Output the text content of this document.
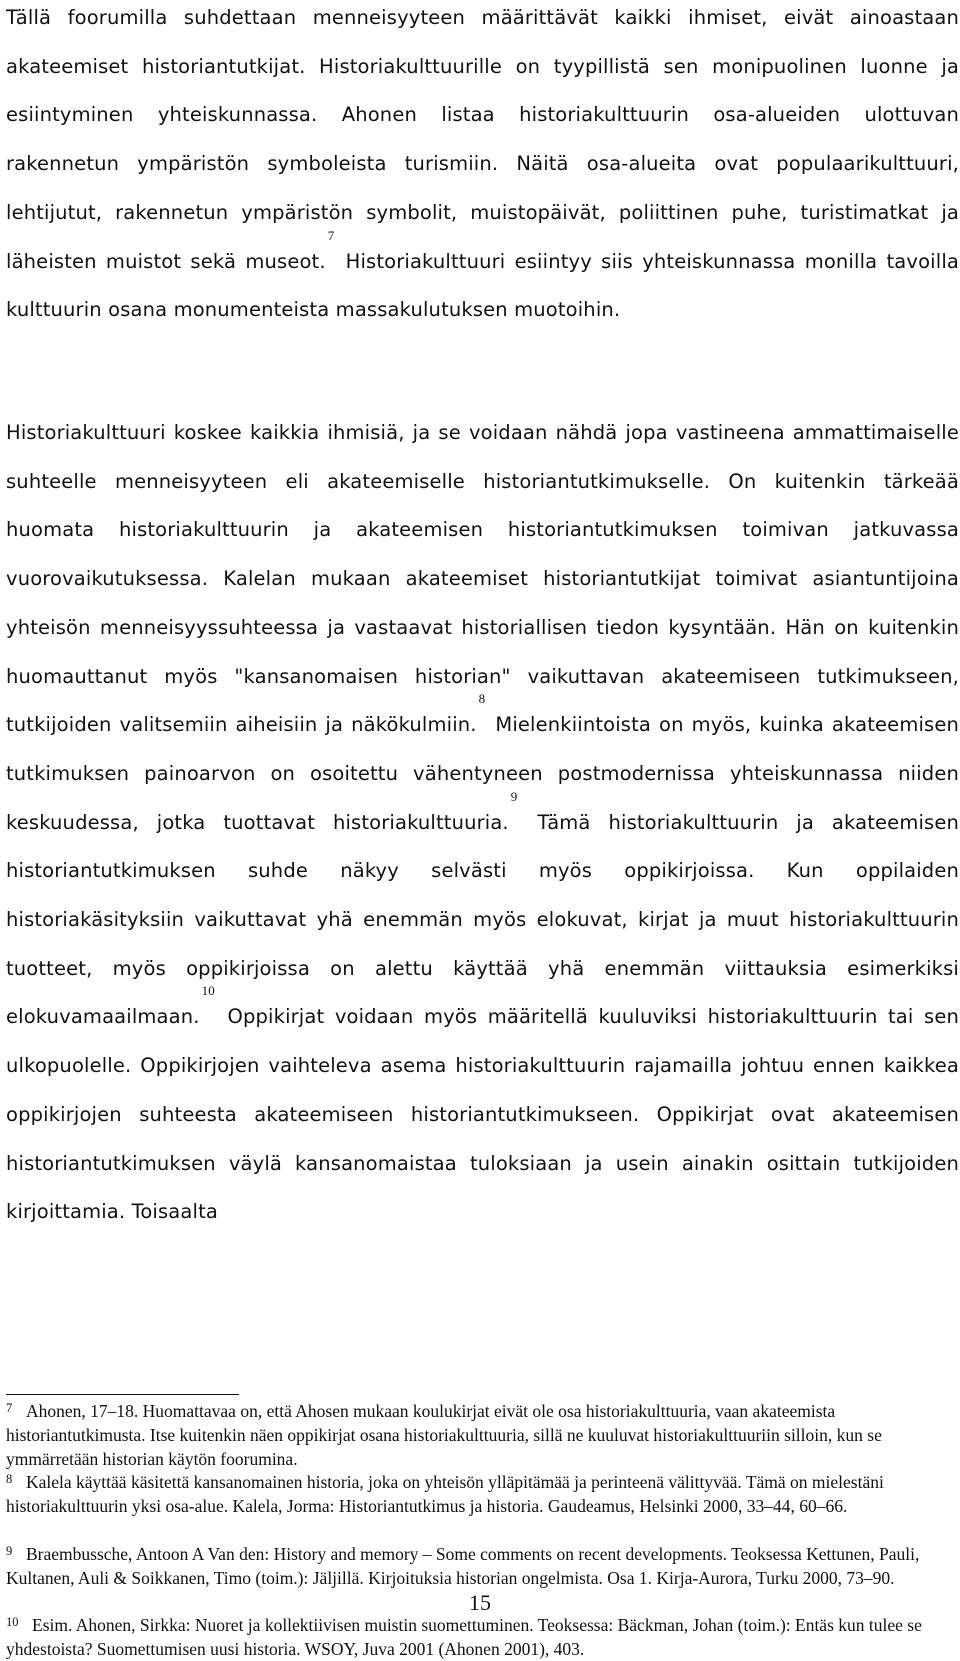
Tällä foorumilla suhdettaan menneisyyteen määrittävät kaikki ihmiset, eivät ainoastaan akateemiset historiantutkijat. Historiakulttuurille on tyypillistä sen monipuolinen luonne ja esiintyminen yhteiskunnassa. Ahonen listaa historiakulttuurin osa-alueiden ulottuvan rakennetun ympäristön symboleista turismiin. Näitä osa-alueita ovat populaarikulttuuri, lehtijutut, rakennetun ympäristön symbolit, muistopäivät, poliittinen puhe, turistimatkat ja läheisten muistot sekä museot.$^7$ Historiakulttuuri esiintyy siis yhteiskunnassa monilla tavoilla kulttuurin osana monumenteista massakulutuksen muotoihin.

Historiakulttuuri koskee kaikkia ihmisiä, ja se voidaan nähdä jopa vastineena ammattimaiselle suhteelle menneisyyteen eli akateemiselle historiantutkimukselle. On kuitenkin tärkeää huomata historiakulttuurin ja akateemisen historiantutkimuksen toimivan jatkuvassa vuorovaikutuksessa. Kalelan mukaan akateemiset historiantutkijat toimivat asiantuntijoina yhteisön menneisyyssuhteessa ja vastaavat historiallisen tiedon kysyntään. Hän on kuitenkin huomauttanut myös "kansanomaisen historian" vaikuttavan akateemiseen tutkimukseen, tutkijoiden valitsemiin aiheisiin ja näkökulmiin.$^8$ Mielenkiintoista on myös, kuinka akateemisen tutkimuksen painoarvon on osoitettu vähentyneen postmodernissa yhteiskunnassa niiden keskuudessa, jotka tuottavat historiakulttuuria.$^9$ Tämä historiakulttuurin ja akateemisen historiantutkimuksen suhde näkyy selvästi myös oppikirjoissa. Kun oppilaiden historiakäsityksiin vaikuttavat yhä enemmän myös elokuvat, kirjat ja muut historiakulttuurin tuotteet, myös oppikirjoissa on alettu käyttää yhä enemmän viittauksia esimerkiksi elokuvamaailmaan.$^{10}$ Oppikirjat voidaan myös määritellä kuuluviksi historiakulttuurin tai sen ulkopuolelle. Oppikirjojen vaihteleva asema historiakulttuurin rajamailla johtuu ennen kaikkea oppikirjojen suhteesta akateemiseen historiantutkimukseen. Oppikirjat ovat akateemisen historiantutkimuksen väylä kansanomaistaa tuloksiaan ja usein ainakin osittain tutkijoiden kirjoittamia. Toisaalta

7 Ahonen, 17–18. Huomattavaa on, että Ahosen mukaan koulukirjat eivät ole osa historiakulttuuria, vaan akateemista historiantutkimusta. Itse kuitenkin näen oppikirjat osana historiakulttuuria, sillä ne kuuluvat historiakulttuuriin silloin, kun se ymmärretään historian käytön foorumina.

8 Kalela käyttää käsitettä kansanomainen historia, joka on yhteisön ylläpitämää ja perinteenä välittyvää. Tämä on mielestäni historiakulttuurin yksi osa-alue. Kalela, Jorma: Historiantutkimus ja historia. Gaudeamus, Helsinki 2000, 33–44, 60–66.

9 Braembussche, Antoon A Van den: History and memory – Some comments on recent developments. Teoksessa Kettunen, Pauli, Kultanen, Auli & Soikkanen, Timo (toim.): Jäljillä. Kirjoituksia historian ongelmista. Osa 1. Kirja-Aurora, Turku 2000, 73–90.

10 Esim. Ahonen, Sirkka: Nuoret ja kollektiivisen muistin suomettuminen. Teoksessa: Bäckman, Johan (toim.): Entäs kun tulee se yhdestoista? Suomettumisen uusi historia. WSOY, Juva 2001 (Ahonen 2001), 403.

15
